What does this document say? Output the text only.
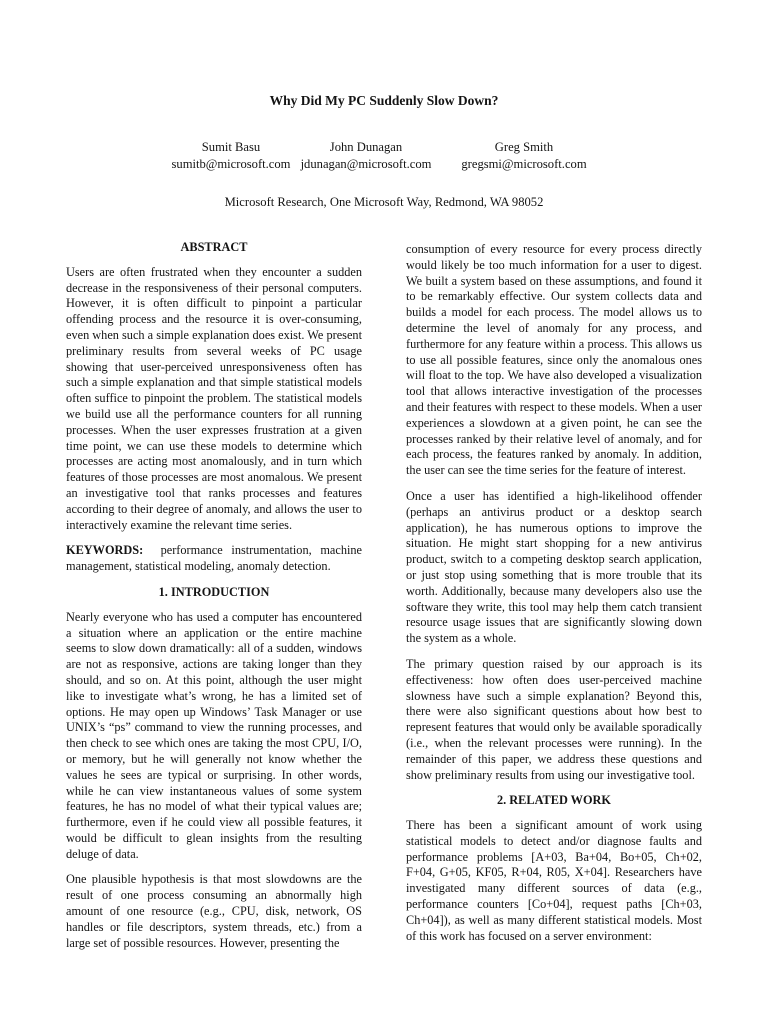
Why Did My PC Suddenly Slow Down?
Sumit Basu
sumitb@microsoft.com
John Dunagan
jdunagan@microsoft.com
Greg Smith
gregsmi@microsoft.com
Microsoft Research, One Microsoft Way, Redmond, WA 98052
ABSTRACT

Users are often frustrated when they encounter a sudden decrease in the responsiveness of their personal computers. However, it is often difficult to pinpoint a particular offending process and the resource it is over-consuming, even when such a simple explanation does exist. We present preliminary results from several weeks of PC usage showing that user-perceived unresponsiveness often has such a simple explanation and that simple statistical models often suffice to pinpoint the problem. The statistical models we build use all the performance counters for all running processes. When the user expresses frustration at a given time point, we can use these models to determine which processes are acting most anomalously, and in turn which features of those processes are most anomalous. We present an investigative tool that ranks processes and features according to their degree of anomaly, and allows the user to interactively examine the relevant time series.

KEYWORDS: performance instrumentation, machine management, statistical modeling, anomaly detection.

1. INTRODUCTION

Nearly everyone who has used a computer has encountered a situation where an application or the entire machine seems to slow down dramatically: all of a sudden, windows are not as responsive, actions are taking longer than they should, and so on. At this point, although the user might like to investigate what’s wrong, he has a limited set of options. He may open up Windows’ Task Manager or use UNIX’s “ps” command to view the running processes, and then check to see which ones are taking the most CPU, I/O, or memory, but he will generally not know whether the values he sees are typical or surprising. In other words, while he can view instantaneous values of some system features, he has no model of what their typical values are; furthermore, even if he could view all possible features, it would be difficult to glean insights from the resulting deluge of data.

One plausible hypothesis is that most slowdowns are the result of one process consuming an abnormally high amount of one resource (e.g., CPU, disk, network, OS handles or file descriptors, system threads, etc.) from a large set of possible resources. However, presenting the

consumption of every resource for every process directly would likely be too much information for a user to digest. We built a system based on these assumptions, and found it to be remarkably effective. Our system collects data and builds a model for each process. The model allows us to determine the level of anomaly for any process, and furthermore for any feature within a process. This allows us to use all possible features, since only the anomalous ones will float to the top. We have also developed a visualization tool that allows interactive investigation of the processes and their features with respect to these models. When a user experiences a slowdown at a given point, he can see the processes ranked by their relative level of anomaly, and for each process, the features ranked by anomaly. In addition, the user can see the time series for the feature of interest.

Once a user has identified a high-likelihood offender (perhaps an antivirus product or a desktop search application), he has numerous options to improve the situation. He might start shopping for a new antivirus product, switch to a competing desktop search application, or just stop using something that is more trouble that its worth. Additionally, because many developers also use the software they write, this tool may help them catch transient resource usage issues that are significantly slowing down the system as a whole.

The primary question raised by our approach is its effectiveness: how often does user-perceived machine slowness have such a simple explanation? Beyond this, there were also significant questions about how best to represent features that would only be available sporadically (i.e., when the relevant processes were running). In the remainder of this paper, we address these questions and show preliminary results from using our investigative tool.

2. RELATED WORK

There has been a significant amount of work using statistical models to detect and/or diagnose faults and performance problems [A+03, Ba+04, Bo+05, Ch+02, F+04, G+05, KF05, R+04, R05, X+04]. Researchers have investigated many different sources of data (e.g., performance counters [Co+04], request paths [Ch+03, Ch+04]), as well as many different statistical models. Most of this work has focused on a server environment:
